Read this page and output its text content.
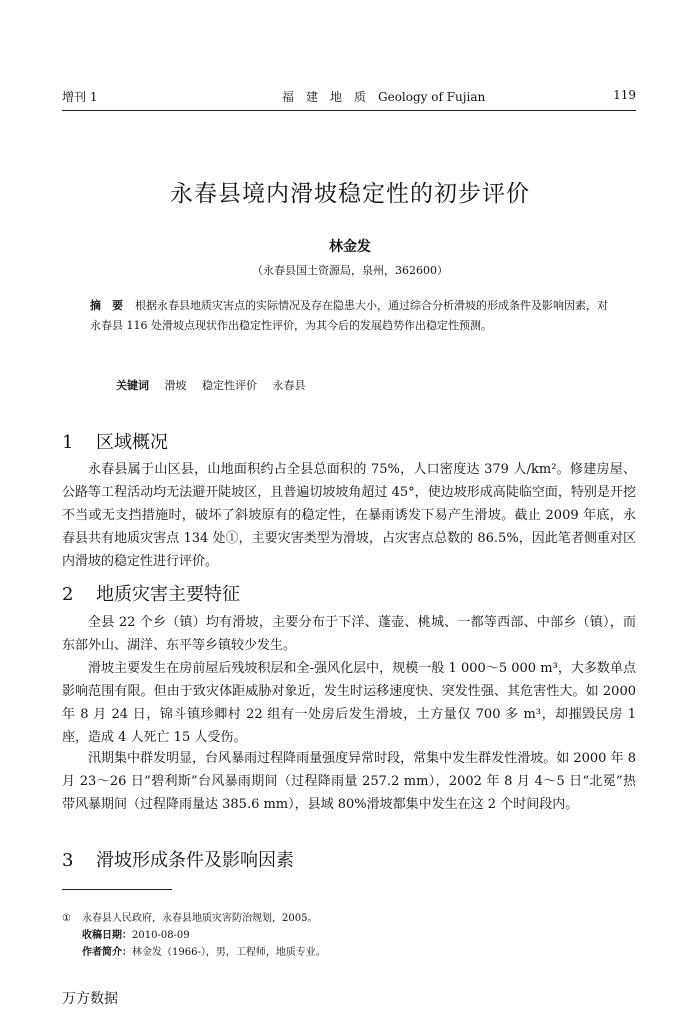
增刊 1	福　建　地　质　Geology of Fujian	119
永春县境内滑坡稳定性的初步评价
林金发
（永春县国土资源局，泉州，362600）
摘　要 根据永春县地质灾害点的实际情况及存在隐患大小，通过综合分析滑坡的形成条件及影响因素，对永春县 116 处滑坡点现状作出稳定性评价，为其今后的发展趋势作出稳定性预测。
关键词 滑坡 稳定性评价 永春县
1 区域概况

永春县属于山区县，山地面积约占全县总面积的 75%，人口密度达 379 人/km²。修建房屋、公路等工程活动均无法避开陡坡区，且普遍切坡坡角超过 45°，使边坡形成高陡临空面，特别是开挖不当或无支挡措施时，破坏了斜坡原有的稳定性，在暴雨诱发下易产生滑坡。截止 2009 年底，永春县共有地质灾害点 134 处①，主要灾害类型为滑坡，占灾害点总数的 86.5%，因此笔者侧重对区内滑坡的稳定性进行评价。

2 地质灾害主要特征

全县 22 个乡（镇）均有滑坡，主要分布于下洋、蓬壶、桃城、一都等西部、中部乡（镇），而东部外山、湖洋、东平等乡镇较少发生。

滑坡主要发生在房前屋后残坡积层和全-强风化层中，规模一般 1 000～5 000 m³，大多数单点影响范围有限。但由于致灾体距威胁对象近，发生时运移速度快、突发性强、其危害性大。如 2000 年 8 月 24 日，锦斗镇珍卿村 22 组有一处房后发生滑坡，土方量仅 700 多 m³，却摧毁民房 1 座，造成 4 人死亡 15 人受伤。

汛期集中群发明显，台风暴雨过程降雨量强度异常时段，常集中发生群发性滑坡。如 2000 年 8 月 23～26 日“碧利斯”台风暴雨期间（过程降雨量 257.2 mm），2002 年 8 月 4～5 日“北冕”热带风暴期间（过程降雨量达 385.6 mm），县域 80%滑坡都集中发生在这 2 个时间段内。

3 滑坡形成条件及影响因素
① 永春县人民政府，永春县地质灾害防治规划，2005。
收稿日期：2010-08-09
作者简介：林金发（1966-），男，工程师，地质专业。
万方数据
